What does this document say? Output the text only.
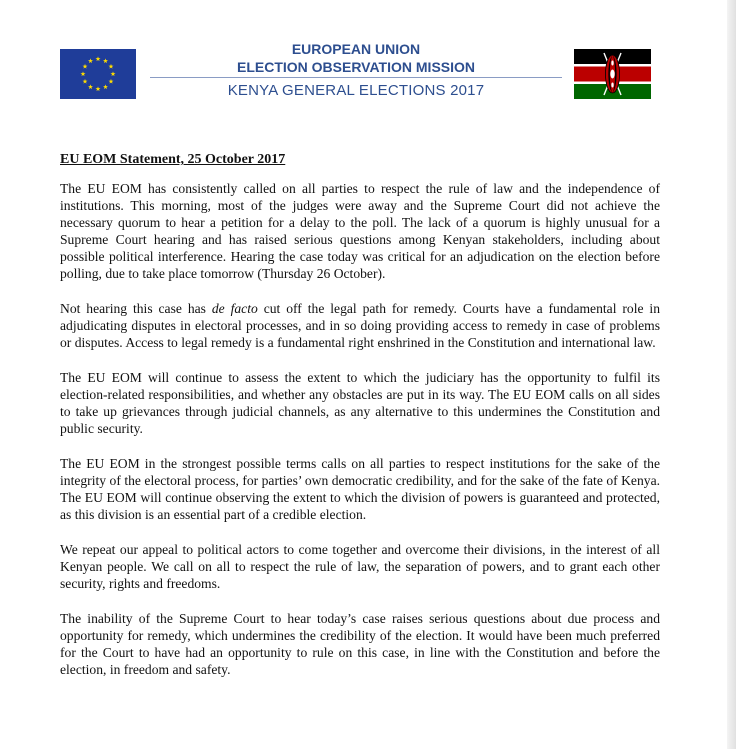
EUROPEAN UNION
ELECTION OBSERVATION MISSION
KENYA GENERAL ELECTIONS 2017
EU EOM Statement, 25 October 2017

The EU EOM has consistently called on all parties to respect the rule of law and the independence of institutions. This morning, most of the judges were away and the Supreme Court did not achieve the necessary quorum to hear a petition for a delay to the poll. The lack of a quorum is highly unusual for a Supreme Court hearing and has raised serious questions among Kenyan stakeholders, including about possible political interference. Hearing the case today was critical for an adjudication on the election before polling, due to take place tomorrow (Thursday 26 October).

Not hearing this case has de facto cut off the legal path for remedy. Courts have a fundamental role in adjudicating disputes in electoral processes, and in so doing providing access to remedy in case of problems or disputes. Access to legal remedy is a fundamental right enshrined in the Constitution and international law.

The EU EOM will continue to assess the extent to which the judiciary has the opportunity to fulfil its election-related responsibilities, and whether any obstacles are put in its way. The EU EOM calls on all sides to take up grievances through judicial channels, as any alternative to this undermines the Constitution and public security.

The EU EOM in the strongest possible terms calls on all parties to respect institutions for the sake of the integrity of the electoral process, for parties’ own democratic credibility, and for the sake of the fate of Kenya. The EU EOM will continue observing the extent to which the division of powers is guaranteed and protected, as this division is an essential part of a credible election.

We repeat our appeal to political actors to come together and overcome their divisions, in the interest of all Kenyan people. We call on all to respect the rule of law, the separation of powers, and to grant each other security, rights and freedoms.

The inability of the Supreme Court to hear today’s case raises serious questions about due process and opportunity for remedy, which undermines the credibility of the election. It would have been much preferred for the Court to have had an opportunity to rule on this case, in line with the Constitution and before the election, in freedom and safety.
